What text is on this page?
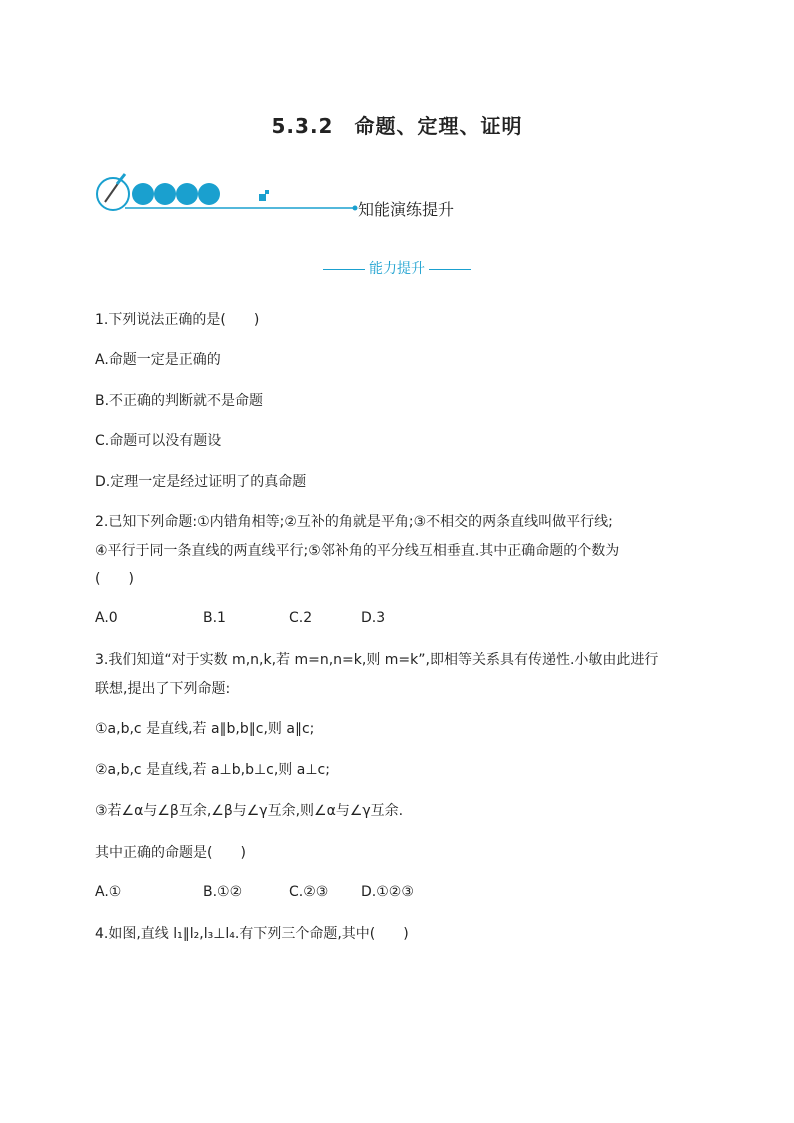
5.3.2　命题、定理、证明
知能演练提升
能力提升
1.下列说法正确的是(　　)
A.命题一定是正确的
B.不正确的判断就不是命题
C.命题可以没有题设
D.定理一定是经过证明了的真命题
2.已知下列命题:①内错角相等;②互补的角就是平角;③不相交的两条直线叫做平行线;
④平行于同一条直线的两直线平行;⑤邻补角的平分线互相垂直.其中正确命题的个数为
(　　)
A.0	B.1	C.2	D.3
3.我们知道“对于实数 m,n,k,若 m=n,n=k,则 m=k”,即相等关系具有传递性.小敏由此进行
联想,提出了下列命题:
①a,b,c 是直线,若 a∥b,b∥c,则 a∥c;
②a,b,c 是直线,若 a⊥b,b⊥c,则 a⊥c;
③若∠α与∠β互余,∠β与∠γ互余,则∠α与∠γ互余.
其中正确的命题是(　　)
A.①	B.①②	C.②③ D.①②③
4.如图,直线 l₁∥l₂,l₃⊥l₄.有下列三个命题,其中(　　)
